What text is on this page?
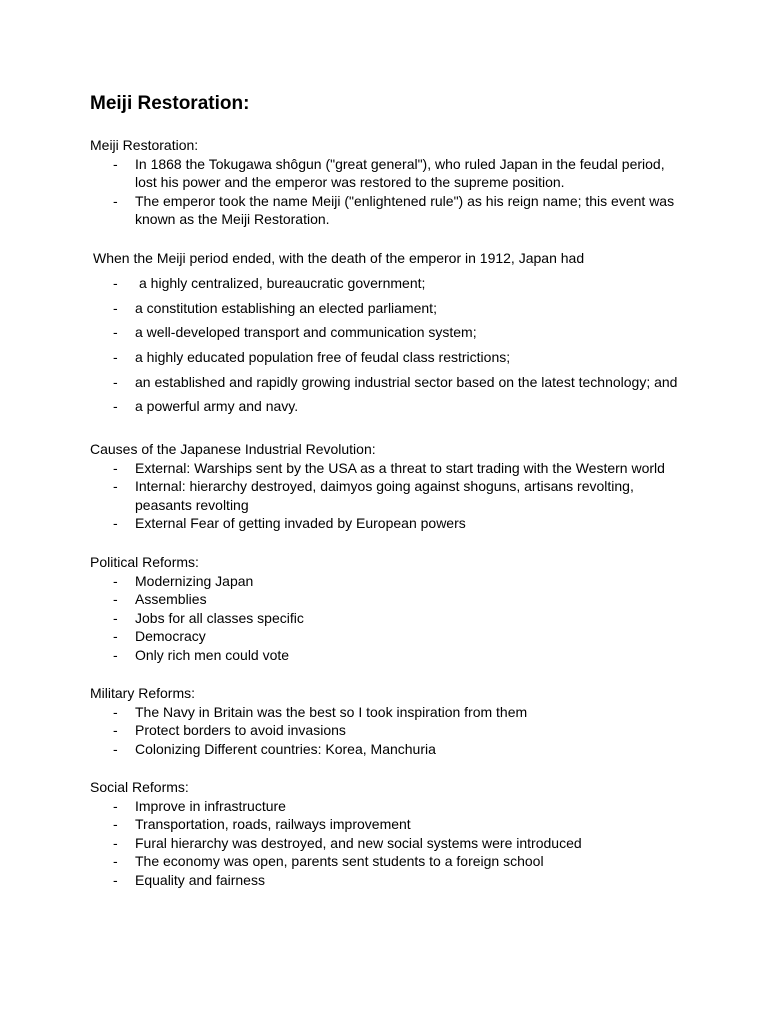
Meiji Restoration:
Meiji Restoration:
- In 1868 the Tokugawa shôgun ("great general"), who ruled Japan in the feudal period, lost his power and the emperor was restored to the supreme position.
- The emperor took the name Meiji ("enlightened rule") as his reign name; this event was known as the Meiji Restoration.
When the Meiji period ended, with the death of the emperor in 1912, Japan had
- a highly centralized, bureaucratic government;
- a constitution establishing an elected parliament;
- a well-developed transport and communication system;
- a highly educated population free of feudal class restrictions;
- an established and rapidly growing industrial sector based on the latest technology; and
- a powerful army and navy.
Causes of the Japanese Industrial Revolution:
- External: Warships sent by the USA as a threat to start trading with the Western world
- Internal: hierarchy destroyed, daimyos going against shoguns, artisans revolting, peasants revolting
- External Fear of getting invaded by European powers
Political Reforms:
- Modernizing Japan
- Assemblies
- Jobs for all classes specific
- Democracy
- Only rich men could vote
Military Reforms:
- The Navy in Britain was the best so I took inspiration from them
- Protect borders to avoid invasions
- Colonizing Different countries: Korea, Manchuria
Social Reforms:
- Improve in infrastructure
- Transportation, roads, railways improvement
- Fural hierarchy was destroyed, and new social systems were introduced
- The economy was open, parents sent students to a foreign school
- Equality and fairness
